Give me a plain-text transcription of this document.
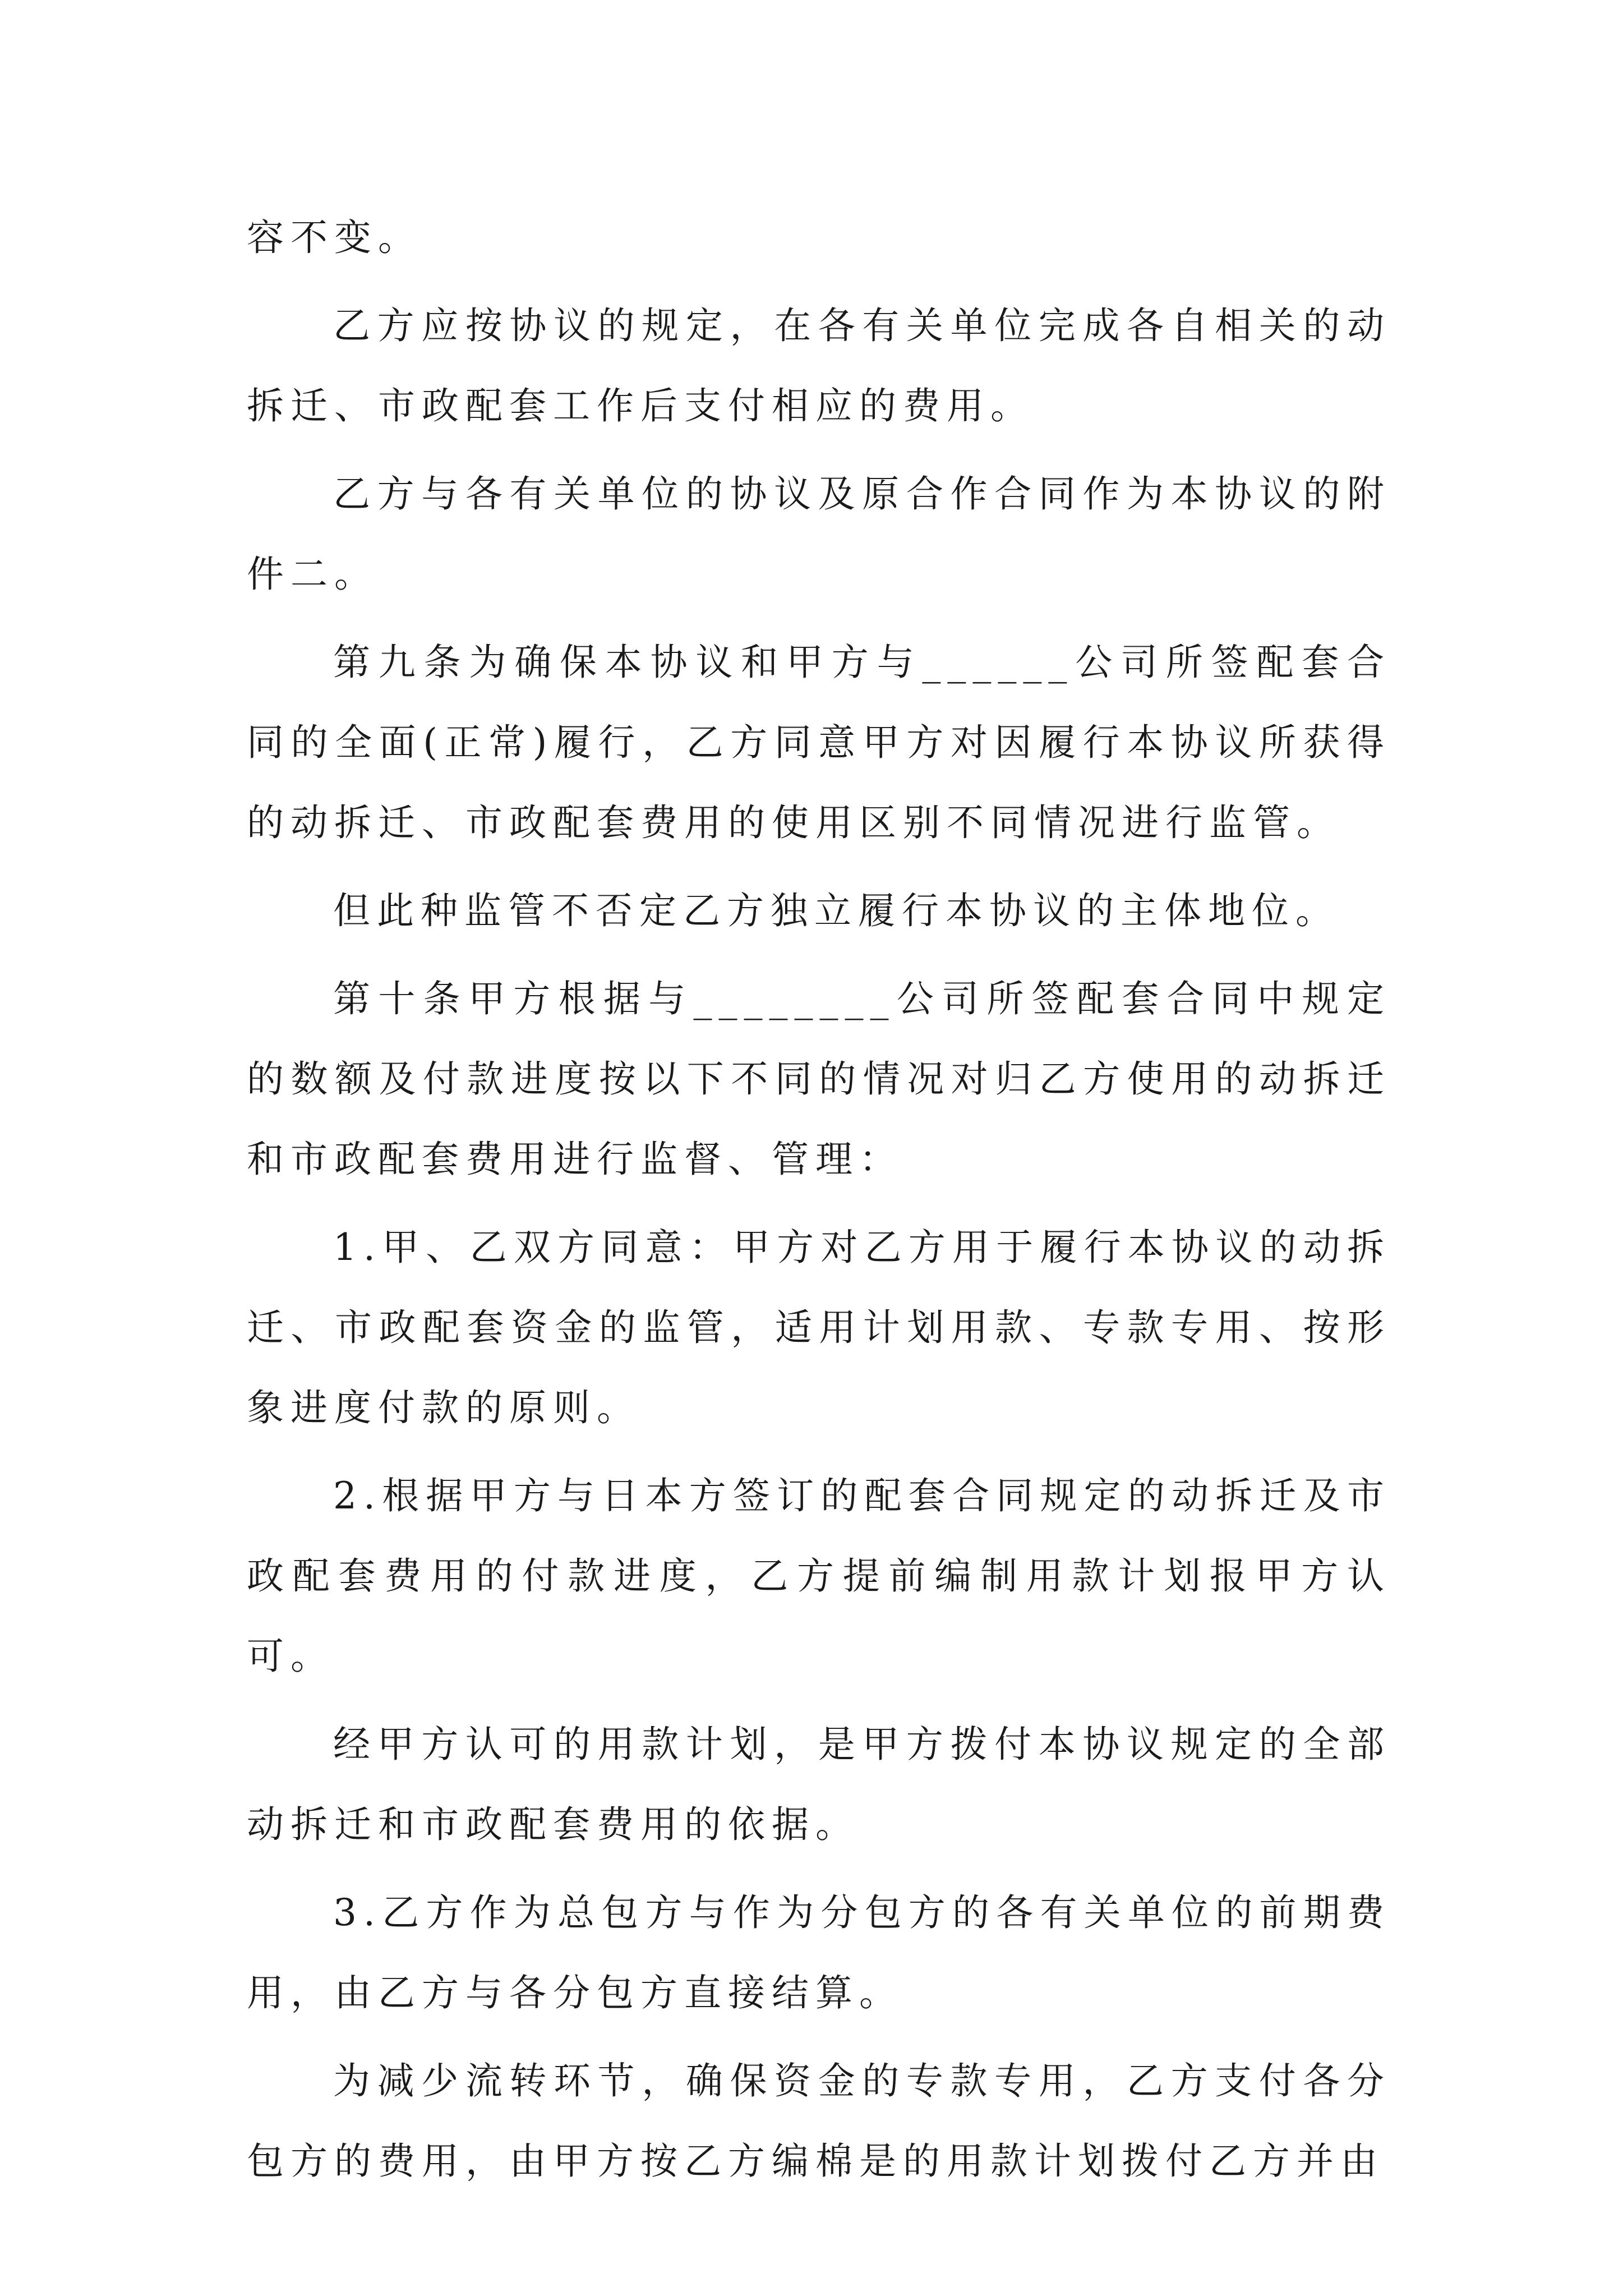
容不变。

乙方应按协议的规定，在各有关单位完成各自相关的动拆迁、市政配套工作后支付相应的费用。

乙方与各有关单位的协议及原合作合同作为本协议的附件二。

第九条为确保本协议和甲方与______公司所签配套合同的全面(正常)履行，乙方同意甲方对因履行本协议所获得的动拆迁、市政配套费用的使用区别不同情况进行监管。

但此种监管不否定乙方独立履行本协议的主体地位。

第十条甲方根据与________公司所签配套合同中规定的数额及付款进度按以下不同的情况对归乙方使用的动拆迁和市政配套费用进行监督、管理：

1.甲、乙双方同意：甲方对乙方用于履行本协议的动拆迁、市政配套资金的监管，适用计划用款、专款专用、按形象进度付款的原则。

2.根据甲方与日本方签订的配套合同规定的动拆迁及市政配套费用的付款进度，乙方提前编制用款计划报甲方认可。

经甲方认可的用款计划，是甲方拨付本协议规定的全部动拆迁和市政配套费用的依据。

3.乙方作为总包方与作为分包方的各有关单位的前期费用，由乙方与各分包方直接结算。

为减少流转环节，确保资金的专款专用，乙方支付各分包方的费用，由甲方按乙方编棉是的用款计划拨付乙方并由
